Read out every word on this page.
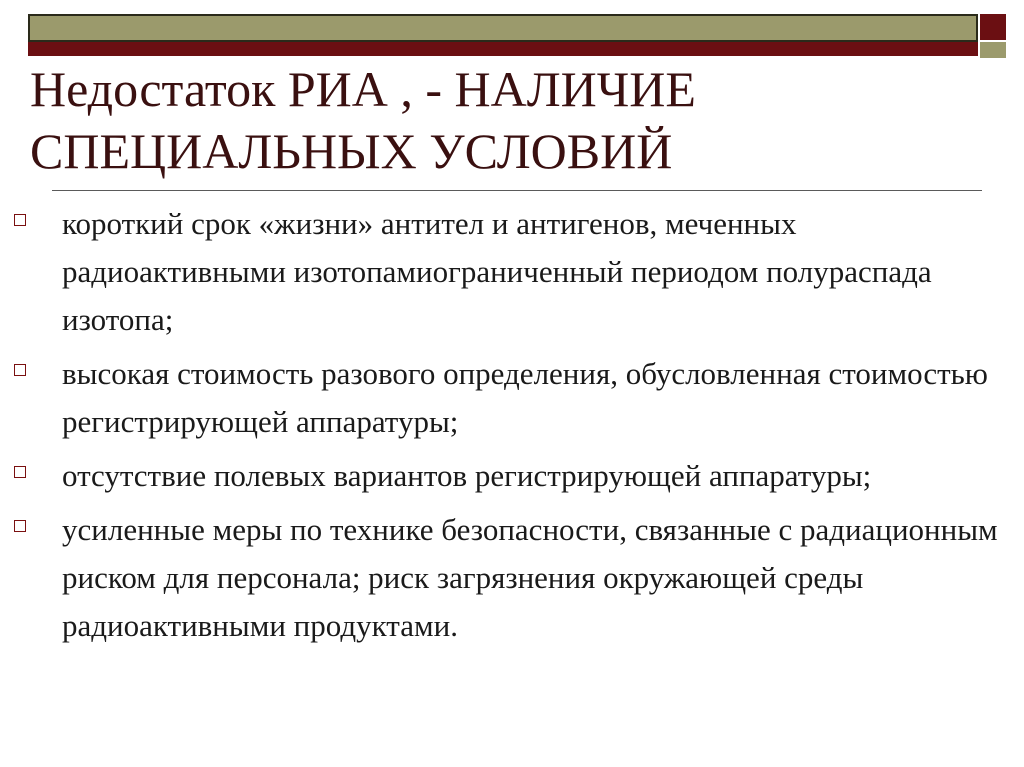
Недостаток РИА , - НАЛИЧИЕ
СПЕЦИАЛЬНЫХ УСЛОВИЙ
короткий срок «жизни» антител и антигенов, меченных радиоактивными изотопамиограниченный периодом полураспада изотопа;
высокая стоимость разового определения, обусловленная стоимостью регистрирующей аппаратуры;
отсутствие полевых вариантов регистрирующей аппаратуры;
усиленные меры по технике безопасности, связанные с радиационным риском для персонала; риск загрязнения окружающей среды радиоактивными продуктами.
